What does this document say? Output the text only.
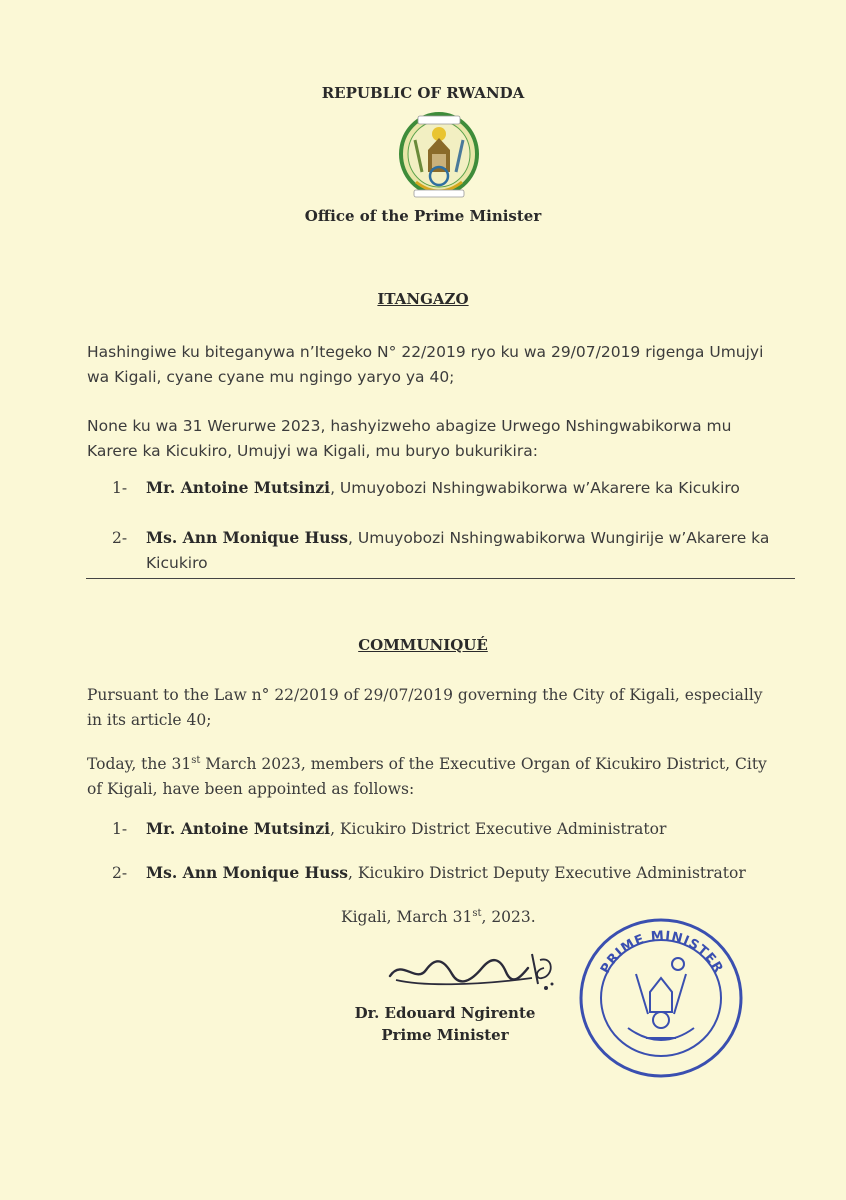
REPUBLIC OF RWANDA
Office of the Prime Minister
ITANGAZO
Hashingiwe ku biteganywa n’Itegeko N° 22/2019 ryo ku wa 29/07/2019 rigenga Umujyi wa Kigali, cyane cyane mu ngingo yaryo ya 40;
None ku wa 31 Werurwe 2023, hashyizweho abagize Urwego Nshingwabikorwa mu Karere ka Kicukiro, Umujyi wa Kigali, mu buryo bukurikira:
1- Mr. Antoine Mutsinzi, Umuyobozi Nshingwabikorwa w’Akarere ka Kicukiro
2- Ms. Ann Monique Huss, Umuyobozi Nshingwabikorwa Wungirije w’Akarere ka
Kicukiro
COMMUNIQUÉ
Pursuant to the Law n° 22/2019 of 29/07/2019 governing the City of Kigali, especially in its article 40;
Today, the 31st March 2023, members of the Executive Organ of Kicukiro District, City of Kigali, have been appointed as follows:
1- Mr. Antoine Mutsinzi, Kicukiro District Executive Administrator
2- Ms. Ann Monique Huss, Kicukiro District Deputy Executive Administrator
Kigali, March 31st, 2023.
Dr. Edouard Ngirente
Prime Minister
PRIME MINISTER
